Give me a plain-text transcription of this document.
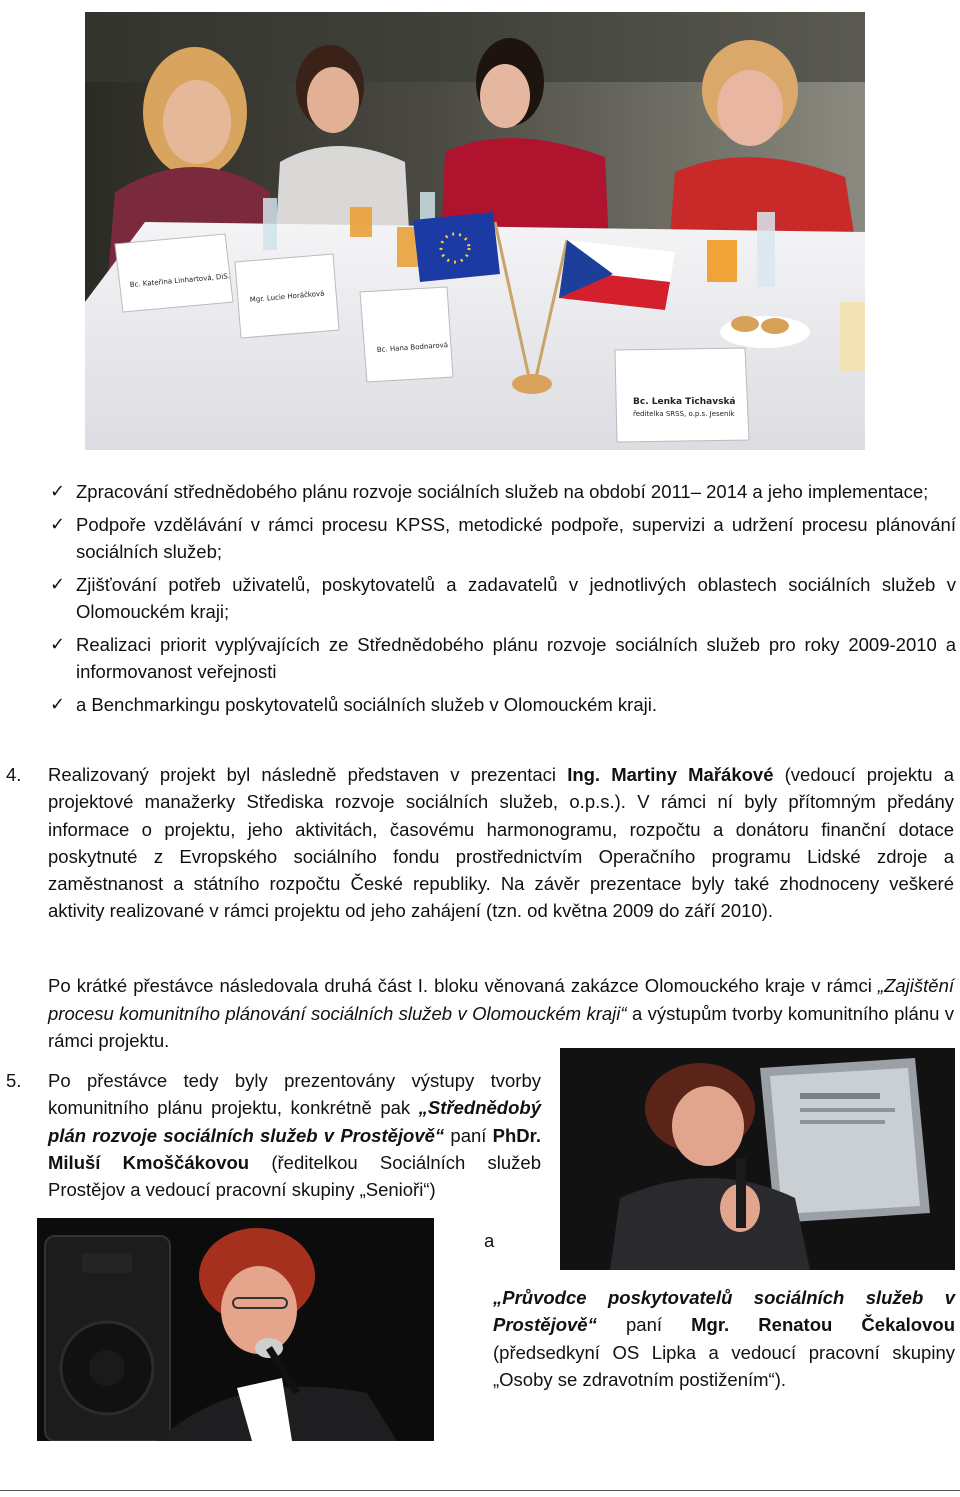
Bc. Kateřina Linhartová, DiS.
Mgr. Lucie Horáčková
Bc. Hana Bodnarová
Bc. Lenka Tichavská
ředitelka SRSS, o.p.s. Jeseník
✓ Zpracování střednědobého plánu rozvoje sociálních služeb na období 2011– 2014 a jeho implementace;
✓ Podpoře vzdělávání v rámci procesu KPSS, metodické podpoře, supervizi a udržení procesu plánování sociálních služeb;
✓ Zjišťování potřeb uživatelů, poskytovatelů a zadavatelů v jednotlivých oblastech sociálních služeb v Olomouckém kraji;
✓ Realizaci priorit vyplývajících ze Střednědobého plánu rozvoje sociálních služeb pro roky 2009-2010 a informovanost veřejnosti
✓ a Benchmarkingu poskytovatelů sociálních služeb v Olomouckém kraji.
4. Realizovaný projekt byl následně představen v prezentaci Ing. Martiny Mařákové (vedoucí projektu a projektové manažerky Střediska rozvoje sociálních služeb, o.p.s.). V rámci ní byly přítomným předány informace o projektu, jeho aktivitách, časovému harmonogramu, rozpočtu a donátoru finanční dotace poskytnuté z Evropského sociálního fondu prostřednictvím Operačního programu Lidské zdroje a zaměstnanost a státního rozpočtu České republiky. Na závěr prezentace byly také zhodnoceny veškeré aktivity realizované v rámci projektu od jeho zahájení (tzn. od května 2009 do září 2010).
Po krátké přestávce následovala druhá část I. bloku věnovaná zakázce Olomouckého kraje v rámci „Zajištění procesu komunitního plánování sociálních služeb v Olomouckém kraji“ a výstupům tvorby komunitního plánu v rámci projektu.
5. Po přestávce tedy byly prezentovány výstupy tvorby komunitního plánu projektu, konkrétně pak „Střednědobý plán rozvoje sociálních služeb v Prostějově“ paní PhDr. Miluší Kmoščákovou (ředitelkou Sociálních služeb Prostějov a vedoucí pracovní skupiny „Senioři“)
a
„Průvodce poskytovatelů sociálních služeb v Prostějově“ paní Mgr. Renatou Čekalovou (předsedkyní OS Lipka a vedoucí pracovní skupiny „Osoby se zdravotním postižením“).
